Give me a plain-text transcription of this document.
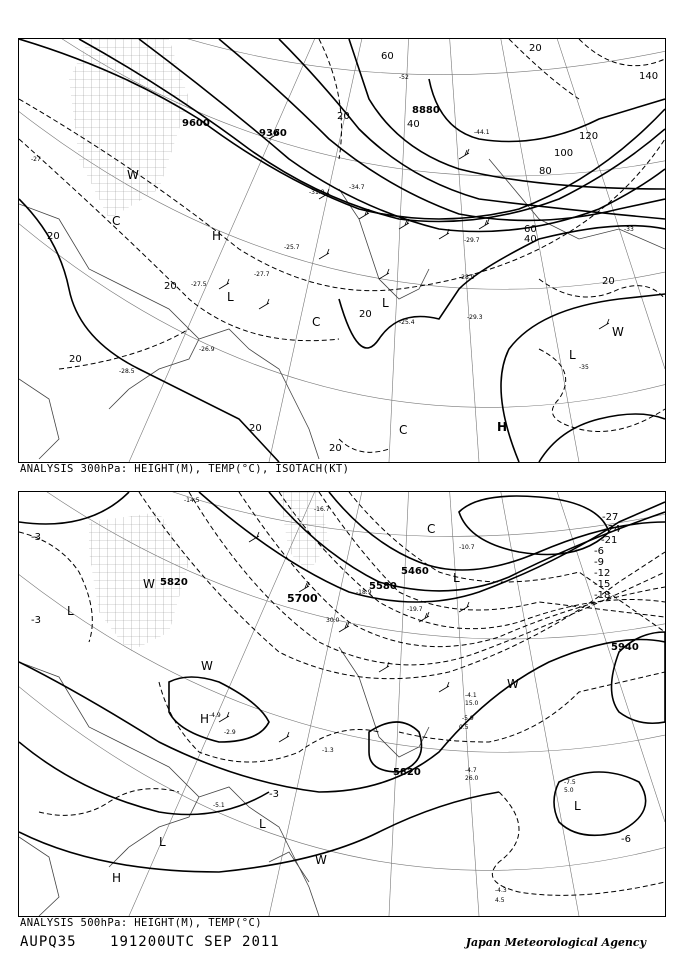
9600
9360
8880
20
40
60
80
100
120
140
20
20
20
20
20
20
20
40
60
20
H
C
L
W
H
C
L
W
C
L
-27
-28.5
-27.5
-26.9
-29.7
-28.9
-33
-35
-52
-44.1
-34.7
-29.3
-25.4
-27.7
-31.9
-25.7
ANALYSIS 300hPa: HEIGHT(M), TEMP(°C), ISOTACH(KT)
5820
5700
5580
5460
5820
5940
-3
-3
-6
-9
-12
-15
-18
-21
-24
-27
-6
-3
L
W
H
L
L
H
W
L
W
L
W
C
-5.1
-4.9
-2.9
-1.3
0.5
-4.1
15.0
-5.9
-4.7
26.0
-7.5
5.0
-4.3
4.5
-14.5
-16.7
-19.7
-10.7
-18.9
30.0
ANALYSIS 500hPa: HEIGHT(M), TEMP(°C)
AUPQ35 191200UTC SEP 2011	Japan Meteorological Agency
